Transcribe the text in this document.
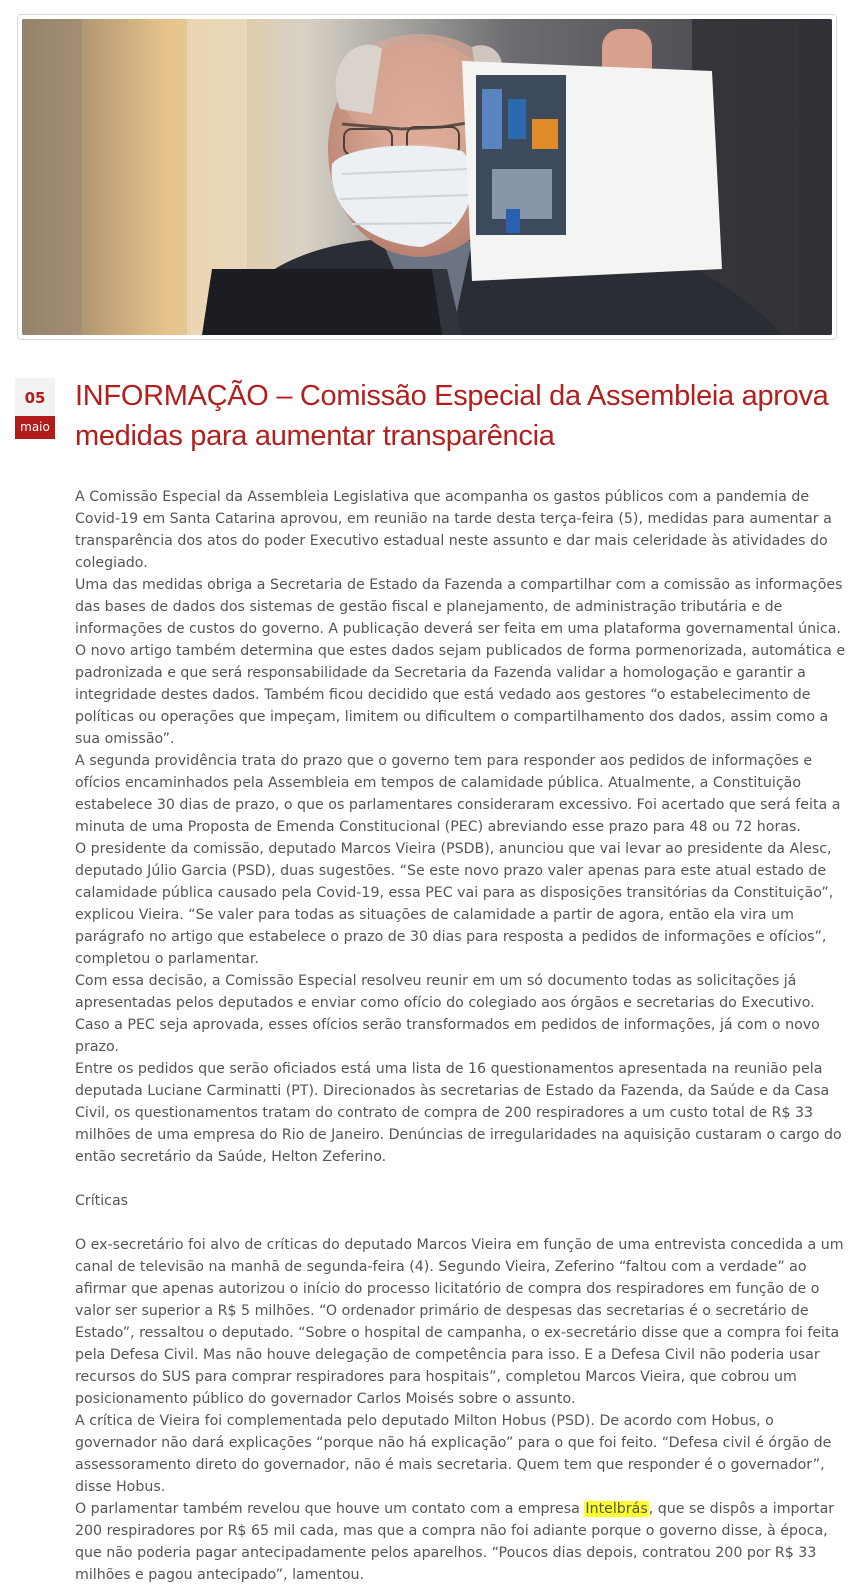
05
maio
INFORMAÇÃO – Comissão Especial da Assembleia aprova medidas para aumentar transparência

A Comissão Especial da Assembleia Legislativa que acompanha os gastos públicos com a pandemia de Covid-19 em Santa Catarina aprovou, em reunião na tarde desta terça-feira (5), medidas para aumentar a transparência dos atos do poder Executivo estadual neste assunto e dar mais celeridade às atividades do colegiado.

Uma das medidas obriga a Secretaria de Estado da Fazenda a compartilhar com a comissão as informações das bases de dados dos sistemas de gestão fiscal e planejamento, de administração tributária e de informações de custos do governo. A publicação deverá ser feita em uma plataforma governamental única.

O novo artigo também determina que estes dados sejam publicados de forma pormenorizada, automática e padronizada e que será responsabilidade da Secretaria da Fazenda validar a homologação e garantir a integridade destes dados. Também ficou decidido que está vedado aos gestores “o estabelecimento de políticas ou operações que impeçam, limitem ou dificultem o compartilhamento dos dados, assim como a sua omissão”.

A segunda providência trata do prazo que o governo tem para responder aos pedidos de informações e ofícios encaminhados pela Assembleia em tempos de calamidade pública. Atualmente, a Constituição estabelece 30 dias de prazo, o que os parlamentares consideraram excessivo. Foi acertado que será feita a minuta de uma Proposta de Emenda Constitucional (PEC) abreviando esse prazo para 48 ou 72 horas.

O presidente da comissão, deputado Marcos Vieira (PSDB), anunciou que vai levar ao presidente da Alesc, deputado Júlio Garcia (PSD), duas sugestões. “Se este novo prazo valer apenas para este atual estado de calamidade pública causado pela Covid-19, essa PEC vai para as disposições transitórias da Constituição”, explicou Vieira. “Se valer para todas as situações de calamidade a partir de agora, então ela vira um parágrafo no artigo que estabelece o prazo de 30 dias para resposta a pedidos de informações e ofícios”, completou o parlamentar.

Com essa decisão, a Comissão Especial resolveu reunir em um só documento todas as solicitações já apresentadas pelos deputados e enviar como ofício do colegiado aos órgãos e secretarias do Executivo. Caso a PEC seja aprovada, esses ofícios serão transformados em pedidos de informações, já com o novo prazo.

Entre os pedidos que serão oficiados está uma lista de 16 questionamentos apresentada na reunião pela deputada Luciane Carminatti (PT). Direcionados às secretarias de Estado da Fazenda, da Saúde e da Casa Civil, os questionamentos tratam do contrato de compra de 200 respiradores a um custo total de R$ 33 milhões de uma empresa do Rio de Janeiro. Denúncias de irregularidades na aquisição custaram o cargo do então secretário da Saúde, Helton Zeferino.

Críticas

O ex-secretário foi alvo de críticas do deputado Marcos Vieira em função de uma entrevista concedida a um canal de televisão na manhã de segunda-feira (4). Segundo Vieira, Zeferino “faltou com a verdade” ao afirmar que apenas autorizou o início do processo licitatório de compra dos respiradores em função de o valor ser superior a R$ 5 milhões. “O ordenador primário de despesas das secretarias é o secretário de Estado”, ressaltou o deputado. “Sobre o hospital de campanha, o ex-secretário disse que a compra foi feita pela Defesa Civil. Mas não houve delegação de competência para isso. E a Defesa Civil não poderia usar recursos do SUS para comprar respiradores para hospitais”, completou Marcos Vieira, que cobrou um posicionamento público do governador Carlos Moisés sobre o assunto.

A crítica de Vieira foi complementada pelo deputado Milton Hobus (PSD). De acordo com Hobus, o governador não dará explicações “porque não há explicação” para o que foi feito. “Defesa civil é órgão de assessoramento direto do governador, não é mais secretaria. Quem tem que responder é o governador”, disse Hobus.

O parlamentar também revelou que houve um contato com a empresa Intelbrás, que se dispôs a importar 200 respiradores por R$ 65 mil cada, mas que a compra não foi adiante porque o governo disse, à época, que não poderia pagar antecipadamente pelos aparelhos. “Poucos dias depois, contratou 200 por R$ 33 milhões e pagou antecipado”, lamentou.
